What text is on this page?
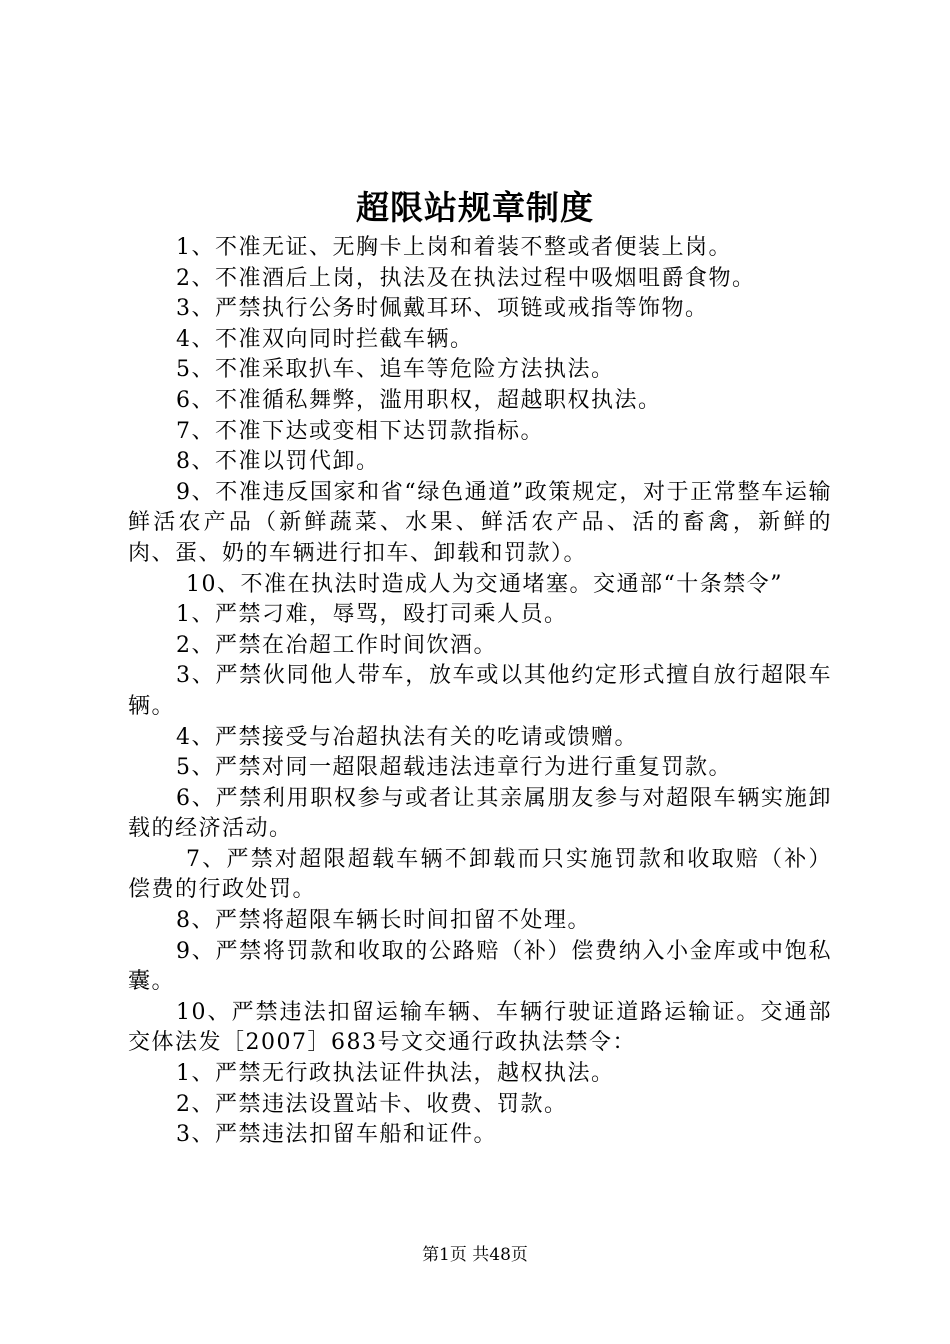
超限站规章制度

1、不准无证、无胸卡上岗和着装不整或者便装上岗。

2、不准酒后上岗，执法及在执法过程中吸烟咀爵食物。

3、严禁执行公务时佩戴耳环、项链或戒指等饰物。

4、不准双向同时拦截车辆。

5、不准采取扒车、追车等危险方法执法。

6、不准循私舞弊，滥用职权，超越职权执法。

7、不准下达或变相下达罚款指标。

8、不准以罚代卸。

9、不准违反国家和省“绿色通道”政策规定，对于正常整车运输鲜活农产品（新鲜蔬菜、水果、鲜活农产品、活的畜禽，新鲜的肉、蛋、奶的车辆进行扣车、卸载和罚款）。

10、不准在执法时造成人为交通堵塞。交通部“十条禁令”

1、严禁刁难，辱骂，殴打司乘人员。

2、严禁在冶超工作时间饮酒。

3、严禁伙同他人带车，放车或以其他约定形式擅自放行超限车辆。

4、严禁接受与冶超执法有关的吃请或馈赠。

5、严禁对同一超限超载违法违章行为进行重复罚款。

6、严禁利用职权参与或者让其亲属朋友参与对超限车辆实施卸载的经济活动。

7、严禁对超限超载车辆不卸载而只实施罚款和收取赔（补）偿费的行政处罚。

8、严禁将超限车辆长时间扣留不处理。

9、严禁将罚款和收取的公路赔（补）偿费纳入小金库或中饱私囊。

10、严禁违法扣留运输车辆、车辆行驶证道路运输证。交通部交体法发［2007］683号文交通行政执法禁令：

1、严禁无行政执法证件执法，越权执法。

2、严禁违法设置站卡、收费、罚款。

3、严禁违法扣留车船和证件。

第1页 共48页
